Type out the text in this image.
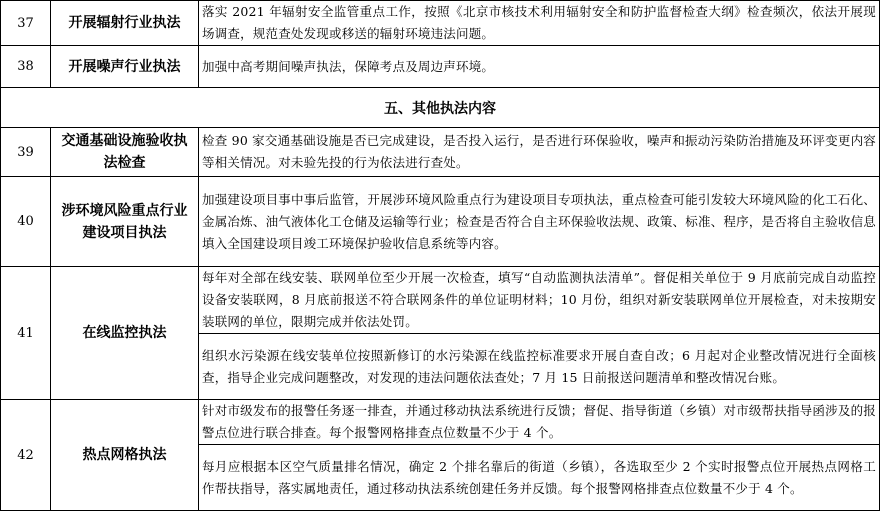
37	开展辐射行业执法	落实 2021 年辐射安全监管重点工作，按照《北京市核技术利用辐射安全和防护监督检查大纲》检查频次，依法开展现场调查，规范查处发现或移送的辐射环境违法问题。
38	开展噪声行业执法	加强中高考期间噪声执法，保障考点及周边声环境。
五、其他执法内容		
39	交通基础设施验收执法检查	检查 90 家交通基础设施是否已完成建设，是否投入运行，是否进行环保验收，噪声和振动污染防治措施及环评变更内容等相关情况。对未验先投的行为依法进行查处。
40	涉环境风险重点行业建设项目执法	加强建设项目事中事后监管，开展涉环境风险重点行为建设项目专项执法，重点检查可能引发较大环境风险的化工石化、金属冶炼、油气液体化工仓储及运输等行业；检查是否符合自主环保验收法规、政策、标准、程序，是否将自主验收信息填入全国建设项目竣工环境保护验收信息系统等内容。
41	在线监控执法	每年对全部在线安装、联网单位至少开展一次检查，填写“自动监测执法清单”。督促相关单位于 9 月底前完成自动监控设备安装联网，8 月底前报送不符合联网条件的单位证明材料；10 月份，组织对新安装联网单位开展检查，对未按期安装联网的单位，限期完成并依法处罚。
		组织水污染源在线安装单位按照新修订的水污染源在线监控标准要求开展自查自改；6 月起对企业整改情况进行全面核查，指导企业完成问题整改，对发现的违法问题依法查处；7 月 15 日前报送问题清单和整改情况台账。
42	热点网格执法	针对市级发布的报警任务逐一排查，并通过移动执法系统进行反馈；督促、指导街道（乡镇）对市级帮扶指导函涉及的报警点位进行联合排查。每个报警网格排查点位数量不少于 4 个。
		每月应根据本区空气质量排名情况，确定 2 个排名靠后的街道（乡镇），各选取至少 2 个实时报警点位开展热点网格工作帮扶指导，落实属地责任，通过移动执法系统创建任务并反馈。每个报警网格排查点位数量不少于 4 个。
